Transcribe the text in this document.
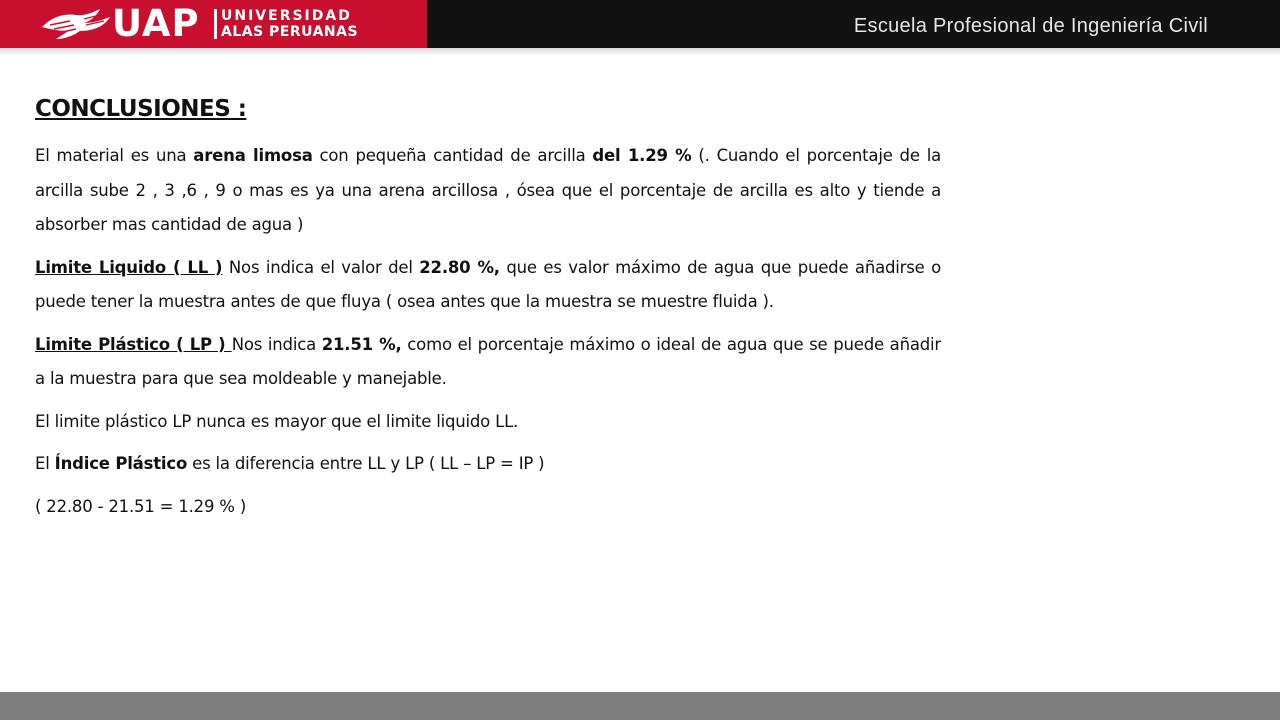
UAP UNIVERSIDAD
ALAS PERUANAS	Escuela Profesional de Ingeniería Civil
CONCLUSIONES :

El material es una arena limosa con pequeña cantidad de arcilla del 1.29 % (. Cuando el porcentaje de la arcilla sube 2 , 3 ,6 , 9 o mas es ya una arena arcillosa , ósea que el porcentaje de arcilla es alto y tiende a absorber mas cantidad de agua )

Limite Liquido ( LL ) Nos indica el valor del 22.80 %, que es valor máximo de agua que puede añadirse o puede tener la muestra antes de que fluya ( osea antes que la muestra se muestre fluida ).

Limite Plástico ( LP ) Nos indica 21.51 %, como el porcentaje máximo o ideal de agua que se puede añadir a la muestra para que sea moldeable y manejable.

El limite plástico LP nunca es mayor que el limite liquido LL.

El Índice Plástico es la diferencia entre LL y LP ( LL – LP = IP )

( 22.80 - 21.51 = 1.29 % )
